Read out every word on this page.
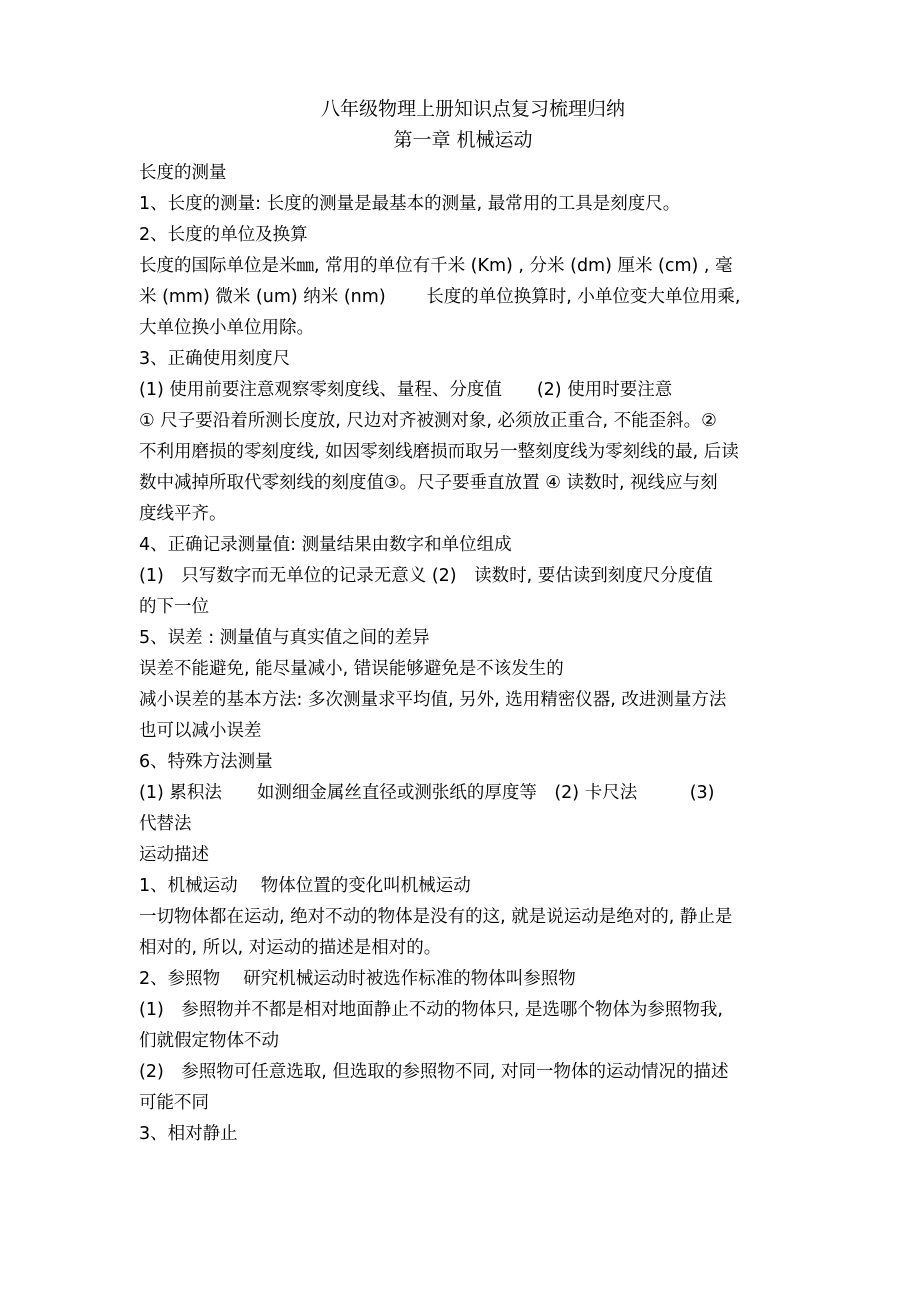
八年级物理上册知识点复习梳理归纳
第一章 机械运动
长度的测量
1、长度的测量: 长度的测量是最基本的测量, 最常用的工具是刻度尺。
2、长度的单位及换算
长度的国际单位是米㎜, 常用的单位有千米 (Km) , 分米 (dm) 厘米 (cm) , 毫
米 (mm) 微米 (um) 纳米 (nm)　　 长度的单位换算时, 小单位变大单位用乘,
大单位换小单位用除。
3、正确使用刻度尺
(1) 使用前要注意观察零刻度线、量程、分度值　　(2) 使用时要注意
① 尺子要沿着所测长度放, 尺边对齐被测对象, 必须放正重合, 不能歪斜。②
不利用磨损的零刻度线, 如因零刻线磨损而取另一整刻度线为零刻线的最, 后读
数中减掉所取代零刻线的刻度值③。尺子要垂直放置 ④ 读数时, 视线应与刻
度线平齐。
4、正确记录测量值: 测量结果由数字和单位组成
(1)　只写数字而无单位的记录无意义 (2)　读数时, 要估读到刻度尺分度值
的下一位
5、误差 : 测量值与真实值之间的差异
误差不能避免, 能尽量减小, 错误能够避免是不该发生的
减小误差的基本方法: 多次测量求平均值, 另外, 选用精密仪器, 改进测量方法
也可以减小误差
6、特殊方法测量
(1) 累积法　　如测细金属丝直径或测张纸的厚度等　(2) 卡尺法　　　(3)
代替法
运动描述
1、机械运动　 物体位置的变化叫机械运动
一切物体都在运动, 绝对不动的物体是没有的这, 就是说运动是绝对的, 静止是
相对的, 所以, 对运动的描述是相对的。
2、参照物　 研究机械运动时被选作标准的物体叫参照物
(1)　参照物并不都是相对地面静止不动的物体只, 是选哪个物体为参照物我,
们就假定物体不动
(2)　参照物可任意选取, 但选取的参照物不同, 对同一物体的运动情况的描述
可能不同
3、相对静止
